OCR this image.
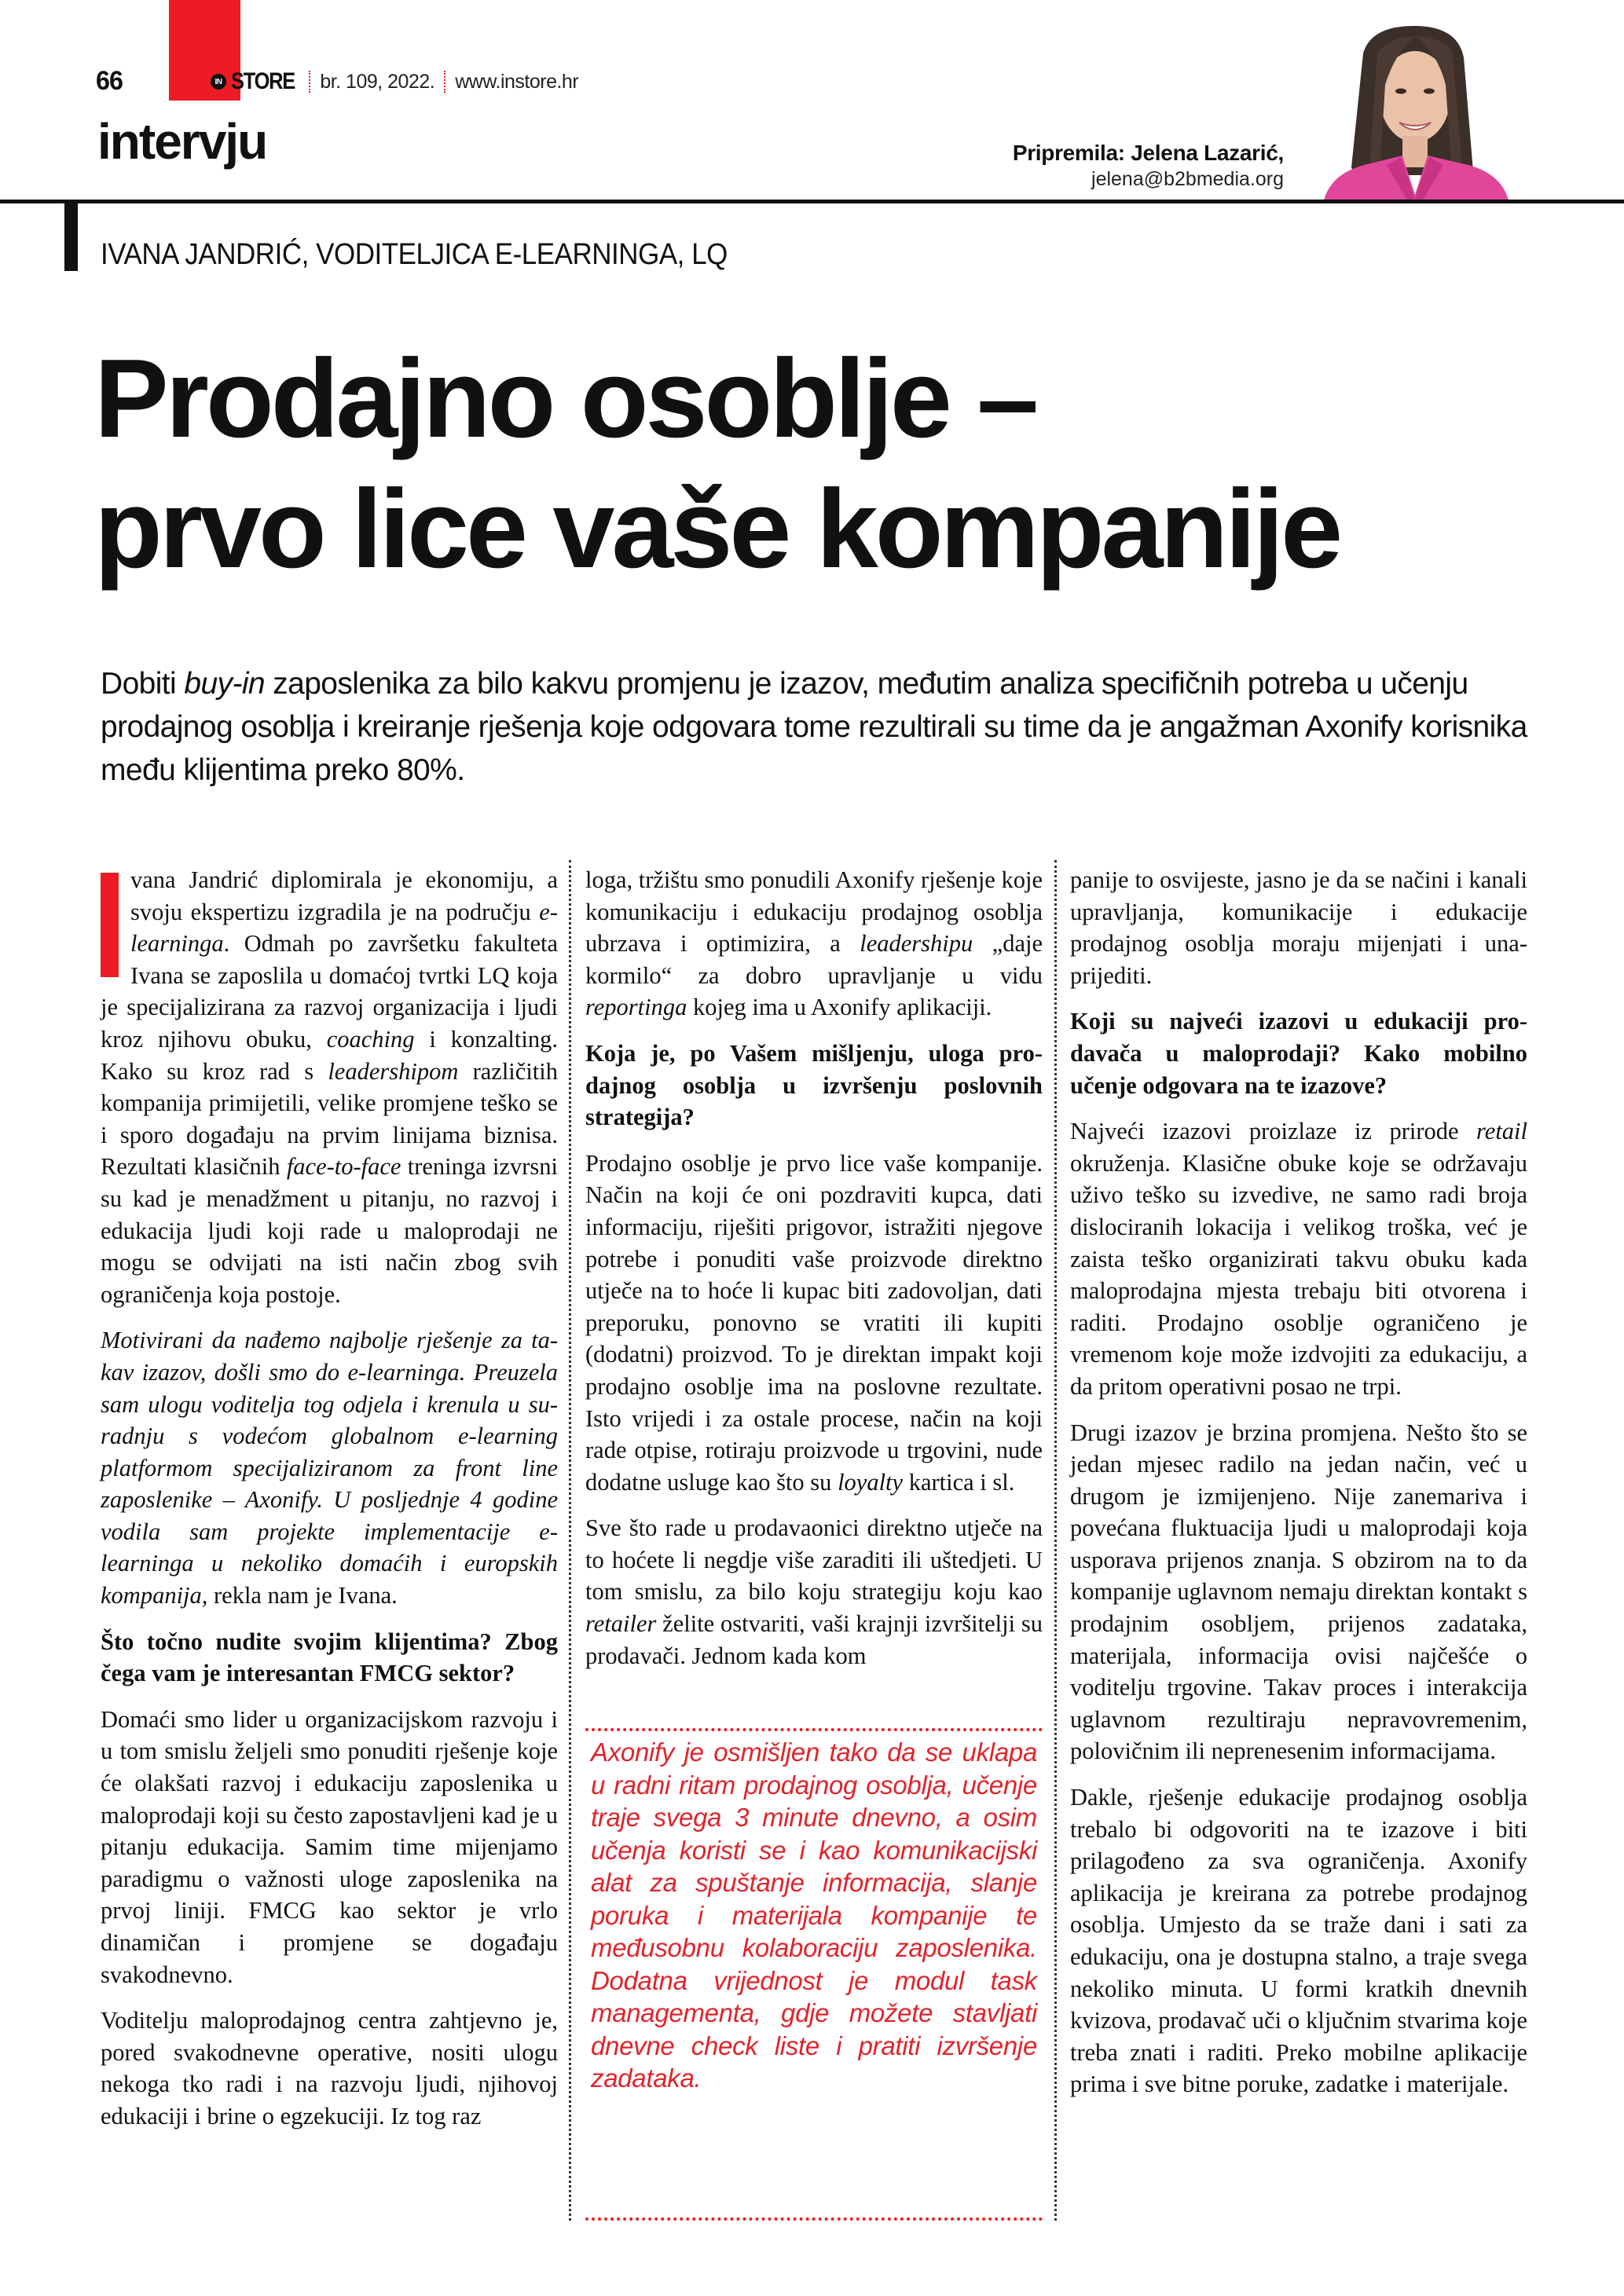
66	IN STORE br. 109, 2022. www.instore.hr
intervju	Pripremila: Jelena Lazarić,
jelena@b2bmedia.org
IVANA JANDRIĆ, VODITELJICA E-LEARNINGA, LQ
Prodajno osoblje –
prvo lice vaše kompanije

Dobiti buy-in zaposlenika za bilo kakvu promjenu je izazov, međutim analiza specifičnih potreba u učenju prodajnog osoblja i kreiranje rješenja koje odgovara tome rezultirali su time da je angažman Axonify korisnika među klijentima preko 80%.

vana Jandrić diplomirala je ekonomiju, a svoju ekspertizu izgradila je na području e-learninga. Odmah po završetku fakulteta Ivana se zaposlila u domaćoj tvrtki LQ koja je specijalizirana za razvoj organizacija i ljudi kroz njihovu obuku, coaching i konzalting. Kako su kroz rad s leadershipom različitih kompanija primijetili, velike promjene teško se i sporo događaju na prvim linijama biznisa. Rezultati klasičnih face-to-face treninga izvrsni su kad je menadžment u pitanju, no razvoj i edukacija ljudi koji rade u maloprodaji ne mogu se odvijati na isti način zbog svih ograničenja koja postoje.

Motivirani da nađemo najbolje rješenje za takav izazov, došli smo do e-learninga. Preuzela sam ulogu voditelja tog odjela i krenula u suradnju s vodećom globalnom e-learning platformom specijaliziranom za front line zaposlenike – Axonify. U posljednje 4 godine vodila sam projekte implementacije e-learninga u nekoliko domaćih i europskih kompanija, rekla nam je Ivana.

Što točno nudite svojim klijentima? Zbog čega vam je interesantan FMCG sektor?

Domaći smo lider u organizacijskom razvoju i u tom smislu željeli smo ponuditi rješenje koje će olakšati razvoj i edukaciju zaposlenika u maloprodaji koji su često zapostavljeni kad je u pitanju edukacija. Samim time mijenjamo paradigmu o važnosti uloge zaposlenika na prvoj liniji. FMCG kao sektor je vrlo dinamičan i promjene se događaju svakodnevno.

Voditelju maloprodajnog centra zahtjevno je, pored svakodnevne operative, nositi ulogu nekoga tko radi i na razvoju ljudi, njihovoj edukaciji i brine o egzekuciji. Iz tog raz

loga, tržištu smo ponudili Axonify rješenje koje komunikaciju i edukaciju prodajnog osoblja ubrzava i optimizira, a leadershipu „daje kormilo“ za dobro upravljanje u vidu reportinga kojeg ima u Axonify aplikaciji.

Koja je, po Vašem mišljenju, uloga prodajnog osoblja u izvršenju poslovnih strategija?

Prodajno osoblje je prvo lice vaše kompanije. Način na koji će oni pozdraviti kupca, dati informaciju, riješiti prigovor, istražiti njegove potrebe i ponuditi vaše proizvode direktno utječe na to hoće li kupac biti zadovoljan, dati preporuku, ponovno se vratiti ili kupiti (dodatni) proizvod. To je direktan impakt koji prodajno osoblje ima na poslovne rezultate. Isto vrijedi i za ostale procese, način na koji rade otpise, rotiraju proizvode u trgovini, nude dodatne usluge kao što su loyalty kartica i sl.

Sve što rade u prodavaonici direktno utječe na to hoćete li negdje više zaraditi ili uštedjeti. U tom smislu, za bilo koju strategiju koju kao retailer želite ostvariti, vaši krajnji izvršitelji su prodavači. Jednom kada kom

Axonify je osmišljen tako da se uklapa u radni ritam prodajnog osoblja, učenje traje svega 3 minute dnevno, a osim učenja koristi se i kao komunikacijski alat za spuštanje informacija, slanje poruka i materijala kompanije te međusobnu kolaboraciju zaposlenika. Dodatna vrijednost je modul task managementa, gdje možete stavljati dnevne check liste i pratiti izvršenje zadataka.

panije to osvijeste, jasno je da se načini i kanali upravljanja, komunikacije i edukacije prodajnog osoblja moraju mijenjati i unaprijediti.

Koji su najveći izazovi u edukaciji prodavača u maloprodaji? Kako mobilno učenje odgovara na te izazove?

Najveći izazovi proizlaze iz prirode retail okruženja. Klasične obuke koje se održavaju uživo teško su izvedive, ne samo radi broja dislociranih lokacija i velikog troška, već je zaista teško organizirati takvu obuku kada maloprodajna mjesta trebaju biti otvorena i raditi. Prodajno osoblje ograničeno je vremenom koje može izdvojiti za edukaciju, a da pritom operativni posao ne trpi.

Drugi izazov je brzina promjena. Nešto što se jedan mjesec radilo na jedan način, već u drugom je izmijenjeno. Nije zanemariva i povećana fluktuacija ljudi u maloprodaji koja usporava prijenos znanja. S obzirom na to da kompanije uglavnom nemaju direktan kontakt s prodajnim osobljem, prijenos zadataka, materijala, informacija ovisi najčešće o voditelju trgovine. Takav proces i interakcija uglavnom rezultiraju nepravovremenim, polovičnim ili neprenesenim informacijama.

Dakle, rješenje edukacije prodajnog osoblja trebalo bi odgovoriti na te izazove i biti prilagođeno za sva ograničenja. Axonify aplikacija je kreirana za potrebe prodajnog osoblja. Umjesto da se traže dani i sati za edukaciju, ona je dostupna stalno, a traje svega nekoliko minuta. U formi kratkih dnevnih kvizova, prodavač uči o ključnim stvarima koje treba znati i raditi. Preko mobilne aplikacije prima i sve bitne poruke, zadatke i materijale.
